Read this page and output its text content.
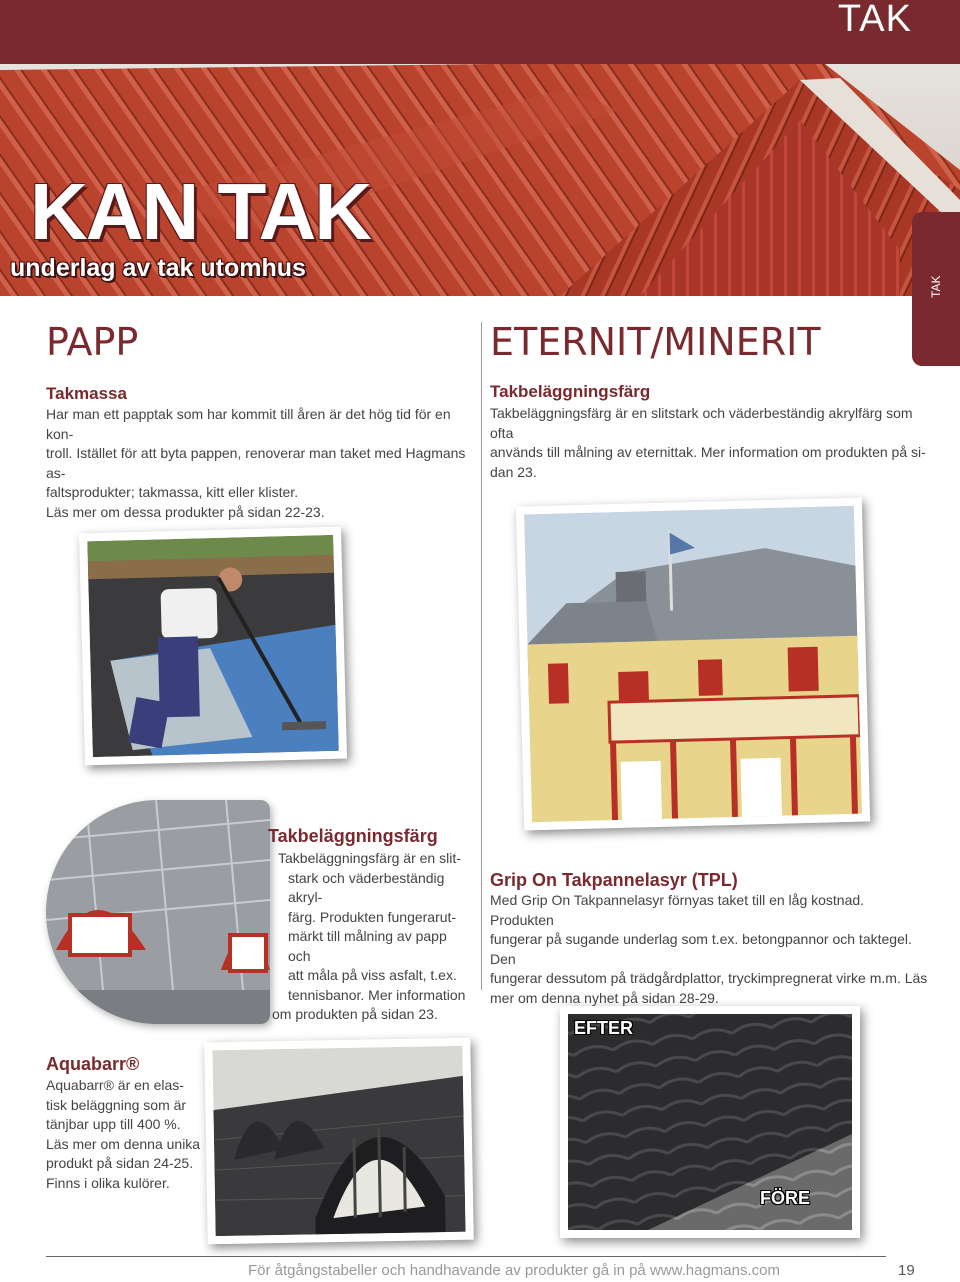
TAK
KAN TAK
underlag av tak utomhus
TAK
PAPP
Takmassa
Har man ett papptak som har kommit till åren är det hög tid för en kon-
troll. Istället för att byta pappen, renoverar man taket med Hagmans as-
faltsprodukter; takmassa, kitt eller klister.
Läs mer om dessa produkter på sidan 22-23.
ETERNIT/MINERIT
Takbeläggningsfärg
Takbeläggningsfärg är en slitstark och väderbeständig akrylfärg som ofta
används till målning av eternittak. Mer information om produkten på si-
dan 23.
Takbeläggningsfärg
Takbeläggningsfärg är en slit-
stark och väderbeständig akryl-
färg. Produkten fungerarut-
märkt till målning av papp och
att måla på viss asfalt, t.ex.
tennisbanor. Mer information
om produkten på sidan 23.
Grip On Takpannelasyr (TPL)
Med Grip On Takpannelasyr förnyas taket till en låg kostnad. Produkten
fungerar på sugande underlag som t.ex. betongpannor och taktegel. Den
fungerar dessutom på trädgårdplattor, tryckimpregnerat virke m.m. Läs
mer om denna nyhet på sidan 28-29.
Aquabarr®
Aquabarr® är en elas-
tisk beläggning som är
tänjbar upp till 400 %.
Läs mer om denna unika
produkt på sidan 24-25.
Finns i olika kulörer.
EFTER
FÖRE
För åtgångstabeller och handhavande av produkter gå in på www.hagmans.com	19
